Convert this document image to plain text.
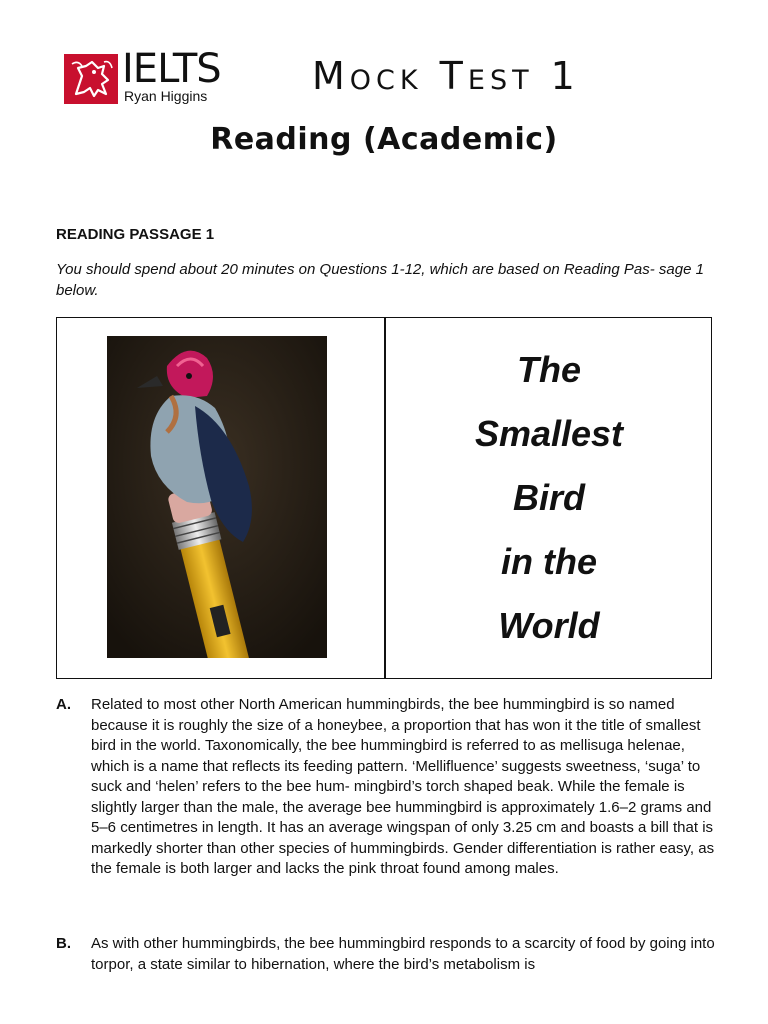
IELTS
Ryan Higgins	Mock Test 1
Reading (Academic)
READING PASSAGE 1
You should spend about 20 minutes on Questions 1-12, which are based on Reading Pas- sage 1 below.
The
Smallest
Bird
in the
World
A. Related to most other North American hummingbirds, the bee hummingbird is so named because it is roughly the size of a honeybee, a proportion that has won it the title of smallest bird in the world. Taxonomically, the bee hummingbird is referred to as mellisuga helenae, which is a name that reflects its feeding pattern. ‘Mellifluence’ suggests sweetness, ‘suga’ to suck and ‘helen’ refers to the bee hum- mingbird’s torch shaped beak. While the female is slightly larger than the male, the average bee hummingbird is approximately 1.6–2 grams and 5–6 centimetres in length. It has an average wingspan of only 3.25 cm and boasts a bill that is markedly shorter than other species of hummingbirds. Gender differentiation is rather easy, as the female is both larger and lacks the pink throat found among males.
B. As with other hummingbirds, the bee hummingbird responds to a scarcity of food by going into torpor, a state similar to hibernation, where the bird’s metabolism is
